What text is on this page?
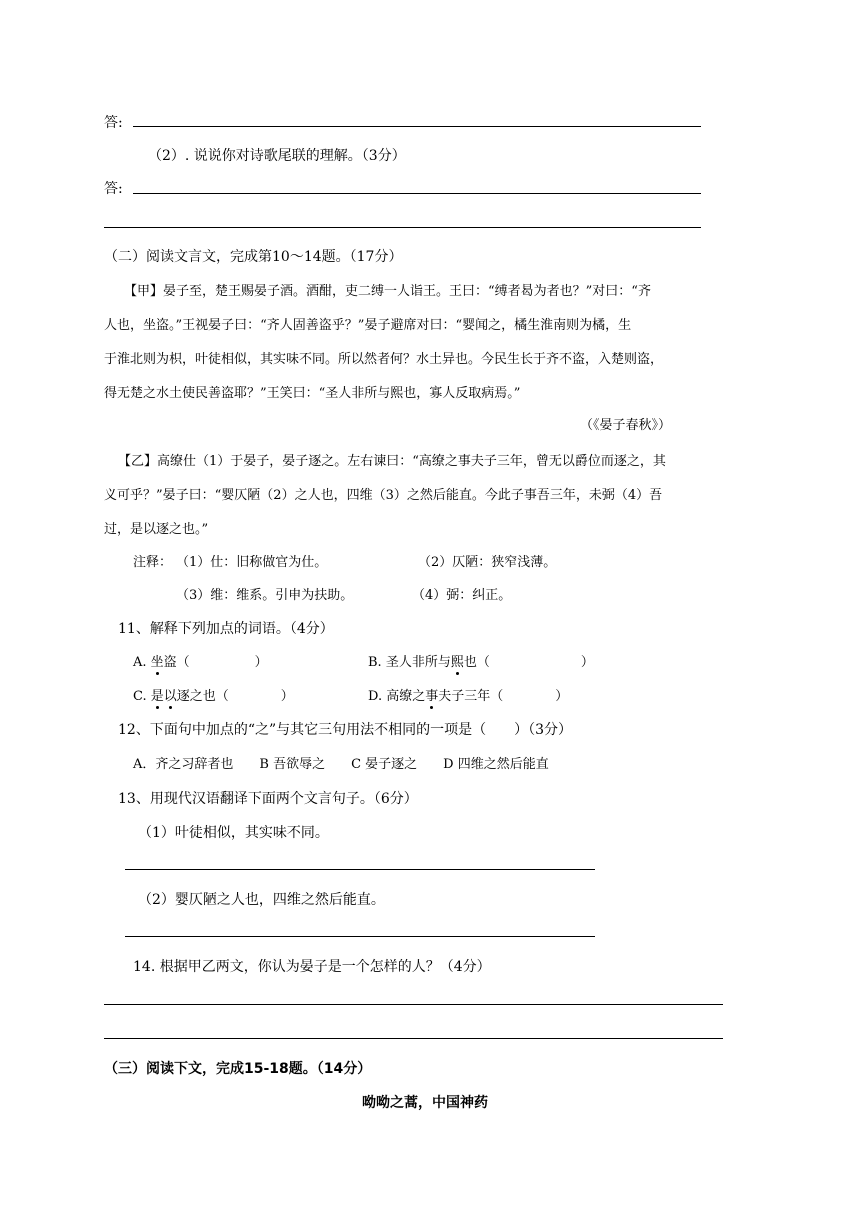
答:
（2）. 说说你对诗歌尾联的理解。（3分）
答:
（二）阅读文言文，完成第10～14题。（17分）
【甲】晏子至，楚王赐晏子酒。酒酣，吏二缚一人诣王。王曰：“缚者曷为者也？”对曰：“齐
人也，坐盗。”王视晏子曰：“齐人固善盗乎？”晏子避席对曰：“婴闻之，橘生淮南则为橘，生
于淮北则为枳，叶徒相似，其实味不同。所以然者何？水土异也。今民生长于齐不盗，入楚则盗，
得无楚之水土使民善盗耶？”王笑曰：“圣人非所与熙也，寡人反取病焉。”
（《晏子春秋》）
【乙】高缭仕（1）于晏子，晏子逐之。左右谏曰：“高缭之事夫子三年，曾无以爵位而逐之，其
义可乎？”晏子曰：“婴仄陋（2）之人也，四维（3）之然后能直。今此子事吾三年，未弼（4）吾
过，是以逐之也。”
注释： （1）仕：旧称做官为仕。	（2）仄陋：狭窄浅薄。
（3）维：维系。引申为扶助。	（4）弼：纠正。
11、解释下列加点的词语。（4分）
A. 坐盗（　　　　　）	B. 圣人非所与熙也（　　　　　　　）
C. 是以逐之也（　　　　）	D. 高缭之事夫子三年（　　　　）
12、下面句中加点的“之”与其它三句用法不相同的一项是（　　）（3分）
A．齐之习辞者也　　B 吾欲辱之　　C 晏子逐之　　D 四维之然后能直
13、用现代汉语翻译下面两个文言句子。（6分）
（1）叶徒相似，其实味不同。
（2）婴仄陋之人也，四维之然后能直。
14. 根据甲乙两文，你认为晏子是一个怎样的人？（4分）
（三）阅读下文，完成15-18题。（14分）
呦呦之蒿，中国神药
